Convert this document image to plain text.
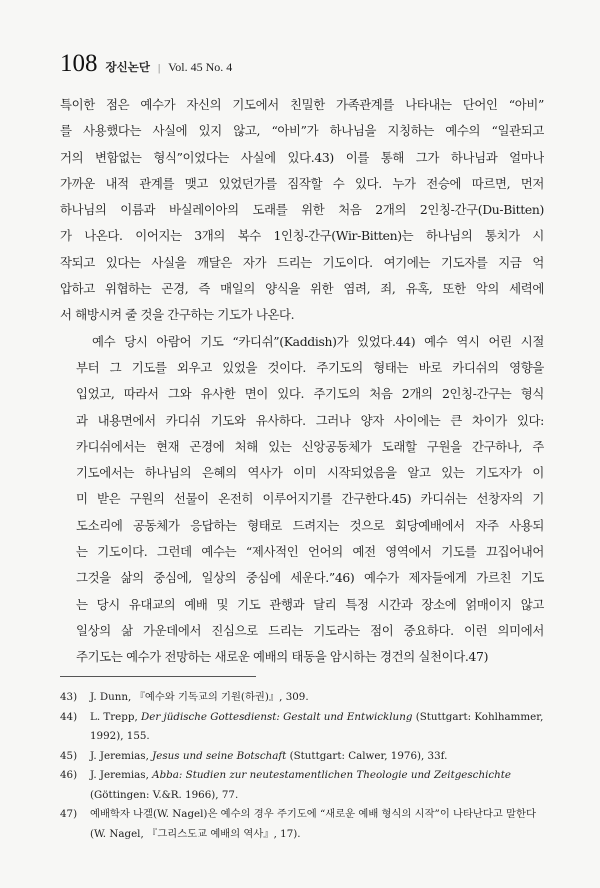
108 장신논단 | Vol. 45 No. 4

특이한 점은 예수가 자신의 기도에서 친밀한 가족관계를 나타내는 단어인 “아비”
를 사용했다는 사실에 있지 않고, “아비”가 하나님을 지칭하는 예수의 “일관되고
거의 변함없는 형식”이었다는 사실에 있다.43) 이를 통해 그가 하나님과 얼마나
가까운 내적 관계를 맺고 있었던가를 짐작할 수 있다. 누가 전승에 따르면, 먼저
하나님의 이름과 바실레이아의 도래를 위한 처음 2개의 2인칭-간구(Du-Bitten)
가 나온다. 이어지는 3개의 복수 1인칭-간구(Wir-Bitten)는 하나님의 통치가 시
작되고 있다는 사실을 깨달은 자가 드리는 기도이다. 여기에는 기도자를 지금 억
압하고 위협하는 곤경, 즉 매일의 양식을 위한 염려, 죄, 유혹, 또한 악의 세력에
서 해방시켜 줄 것을 간구하는 기도가 나온다.

예수 당시 아람어 기도 “카디쉬”(Kaddish)가 있었다.44) 예수 역시 어린 시절
부터 그 기도를 외우고 있었을 것이다. 주기도의 형태는 바로 카디쉬의 영향을
입었고, 따라서 그와 유사한 면이 있다. 주기도의 처음 2개의 2인칭-간구는 형식
과 내용면에서 카디쉬 기도와 유사하다. 그러나 양자 사이에는 큰 차이가 있다:
카디쉬에서는 현재 곤경에 처해 있는 신앙공동체가 도래할 구원을 간구하나, 주
기도에서는 하나님의 은혜의 역사가 이미 시작되었음을 알고 있는 기도자가 이
미 받은 구원의 선물이 온전히 이루어지기를 간구한다.45) 카디쉬는 선창자의 기
도소리에 공동체가 응답하는 형태로 드려지는 것으로 회당예배에서 자주 사용되
는 기도이다. 그런데 예수는 “제사적인 언어의 예전 영역에서 기도를 끄집어내어
그것을 삶의 중심에, 일상의 중심에 세운다.”46) 예수가 제자들에게 가르친 기도
는 당시 유대교의 예배 및 기도 관행과 달리 특정 시간과 장소에 얽매이지 않고
일상의 삶 가운데에서 진심으로 드리는 기도라는 점이 중요하다. 이런 의미에서
주기도는 예수가 전망하는 새로운 예배의 태동을 암시하는 경건의 실천이다.47)

43)	J. Dunn, 『예수와 기독교의 기원(하권)』, 309.
44)	L. Trepp, Der jüdische Gottesdienst: Gestalt und Entwicklung (Stuttgart: Kohlhammer, 1992), 155.
45)	J. Jeremias, Jesus und seine Botschaft (Stuttgart: Calwer, 1976), 33f.
46)	J. Jeremias, Abba: Studien zur neutestamentlichen Theologie und Zeitgeschichte (Göttingen: V.&R. 1966), 77.
47)	예배학자 나겔(W. Nagel)은 예수의 경우 주기도에 “새로운 예배 형식의 시작”이 나타난다고 말한다(W. Nagel, 『그리스도교 예배의 역사』, 17).
